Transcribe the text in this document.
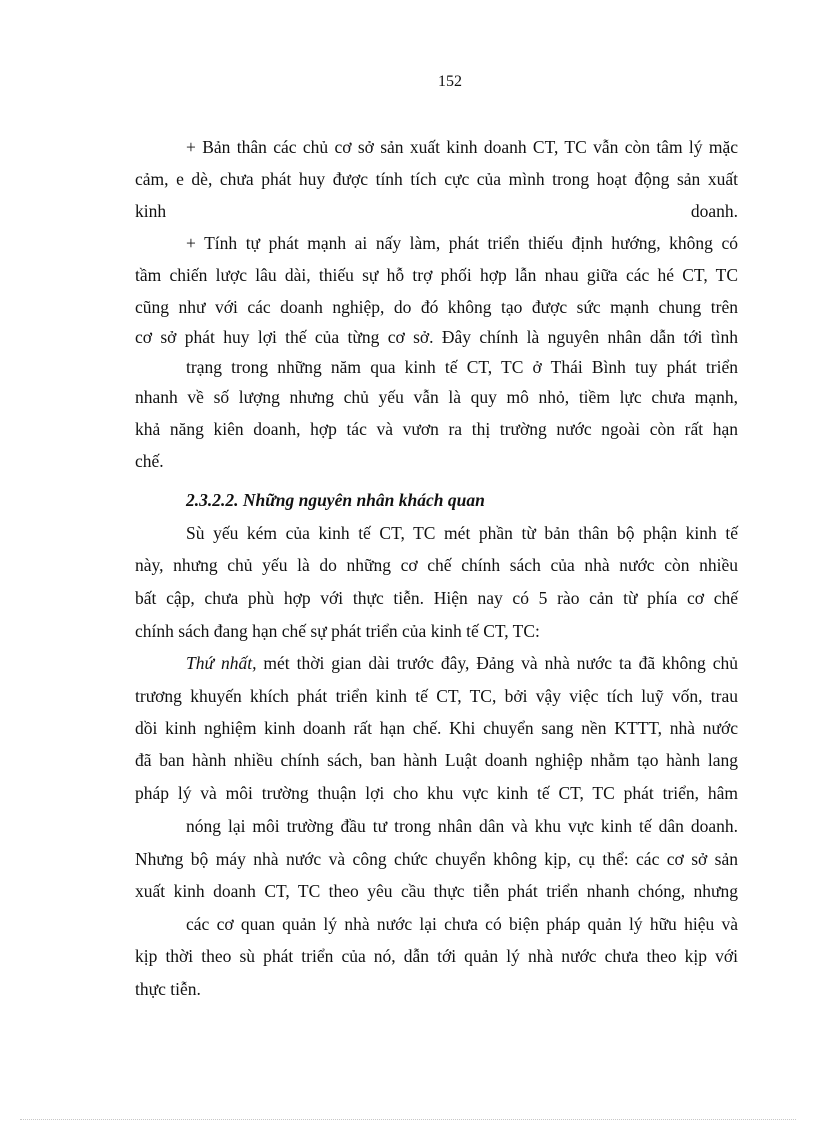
152
+ Bản thân các chủ cơ sở sản xuất kinh doanh CT, TC vẫn còn tâm lý mặc
cảm, e dè, chưa phát huy được tính tích cực của mình trong hoạt động sản xuất
kinh doanh.
+ Tính tự phát mạnh ai nấy làm, phát triển thiếu định hướng, không có
tầm chiến lược lâu dài, thiếu sự hỗ trợ phối hợp lẫn nhau giữa các hé CT, TC
cũng như với các doanh nghiệp, do đó không tạo được sức mạnh chung trên
cơ sở phát huy lợi thế của từng cơ sở. Đây chính là nguyên nhân dẫn tới tình
trạng trong những năm qua kinh tế CT, TC ở Thái Bình tuy phát triển
nhanh về số lượng nhưng chủ yếu vẫn là quy mô nhỏ, tiềm lực chưa mạnh,
khả năng kiên doanh, hợp tác và vươn ra thị trường nước ngoài còn rất hạn
chế.
2.3.2.2. Những nguyên nhân khách quan
Sù yếu kém của kinh tế CT, TC mét phần từ bản thân bộ phận kinh tế
này, nhưng chủ yếu là do những cơ chế chính sách của nhà nước còn nhiều
bất cập, chưa phù hợp với thực tiễn. Hiện nay có 5 rào cản từ phía cơ chế
chính sách đang hạn chế sự phát triển của kinh tế CT, TC:
Thứ nhất, mét thời gian dài trước đây, Đảng và nhà nước ta đã không chủ
trương khuyến khích phát triển kinh tế CT, TC, bởi vậy việc tích luỹ vốn, trau
dồi kinh nghiệm kinh doanh rất hạn chế. Khi chuyển sang nền KTTT, nhà nước
đã ban hành nhiều chính sách, ban hành Luật doanh nghiệp nhằm tạo hành lang
pháp lý và môi trường thuận lợi cho khu vực kinh tế CT, TC phát triển, hâm
nóng lại môi trường đầu tư trong nhân dân và khu vực kinh tế dân doanh.
Nhưng bộ máy nhà nước và công chức chuyển không kịp, cụ thể: các cơ sở sản
xuất kinh doanh CT, TC theo yêu cầu thực tiễn phát triển nhanh chóng, nhưng
các cơ quan quản lý nhà nước lại chưa có biện pháp quản lý hữu hiệu và
kịp thời theo sù phát triển của nó, dẫn tới quản lý nhà nước chưa theo kịp với
thực tiễn.
